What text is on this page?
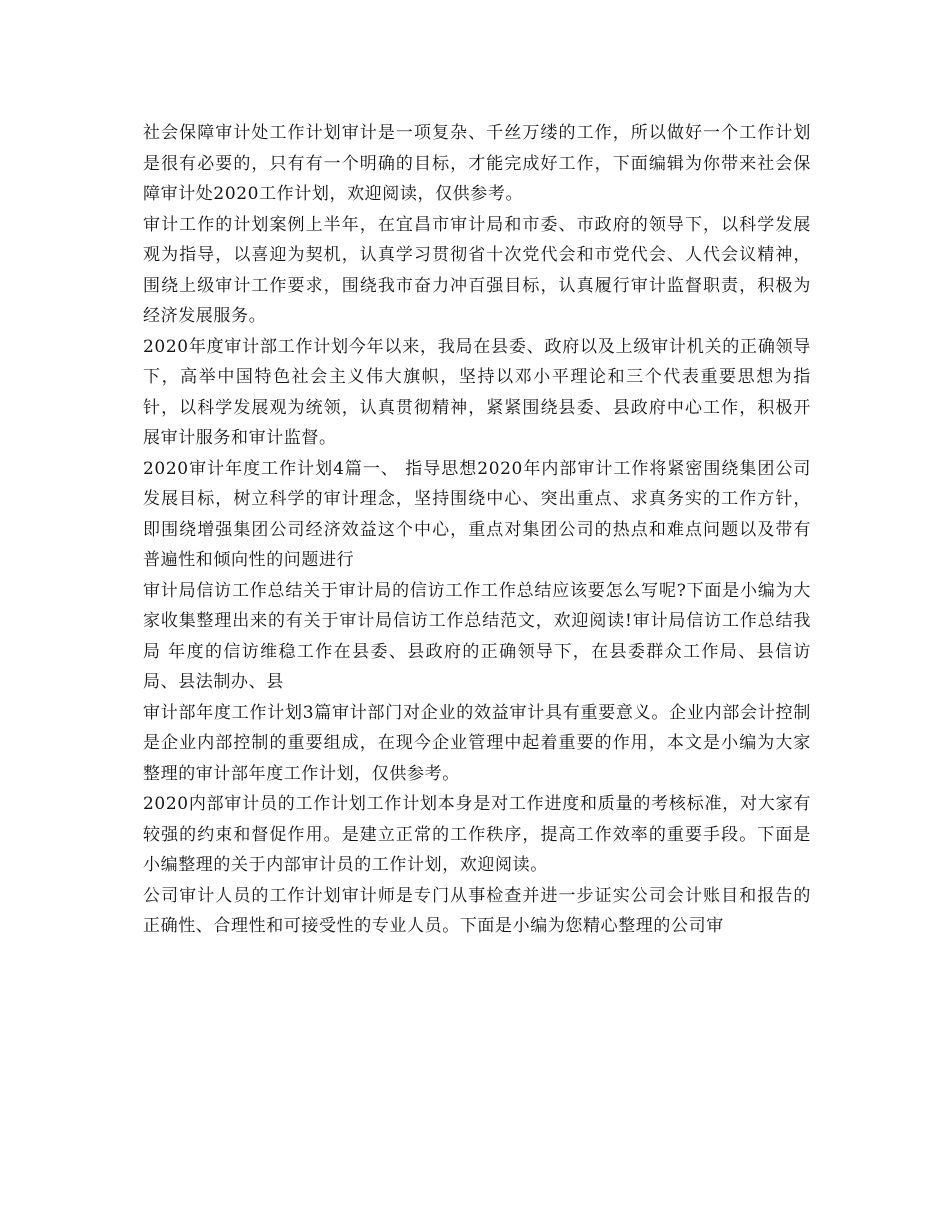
社会保障审计处工作计划审计是一项复杂、千丝万缕的工作，所以做好一个工作计划是很有必要的，只有有一个明确的目标，才能完成好工作，下面编辑为你带来社会保障审计处2020工作计划，欢迎阅读，仅供参考。

审计工作的计划案例上半年，在宜昌市审计局和市委、市政府的领导下，以科学发展观为指导，以喜迎为契机，认真学习贯彻省十次党代会和市党代会、人代会议精神，围绕上级审计工作要求，围绕我市奋力冲百强目标，认真履行审计监督职责，积极为经济发展服务。

2020年度审计部工作计划今年以来，我局在县委、政府以及上级审计机关的正确领导下，高举中国特色社会主义伟大旗帜，坚持以邓小平理论和三个代表重要思想为指针，以科学发展观为统领，认真贯彻精神，紧紧围绕县委、县政府中心工作，积极开展审计服务和审计监督。

2020审计年度工作计划4篇一、 指导思想2020年内部审计工作将紧密围绕集团公司发展目标，树立科学的审计理念，坚持围绕中心、突出重点、求真务实的工作方针，即围绕增强集团公司经济效益这个中心，重点对集团公司的热点和难点问题以及带有普遍性和倾向性的问题进行

审计局信访工作总结关于审计局的信访工作工作总结应该要怎么写呢?下面是小编为大家收集整理出来的有关于审计局信访工作总结范文，欢迎阅读!审计局信访工作总结我局 年度的信访维稳工作在县委、县政府的正确领导下，在县委群众工作局、县信访局、县法制办、县

审计部年度工作计划3篇审计部门对企业的效益审计具有重要意义。企业内部会计控制是企业内部控制的重要组成，在现今企业管理中起着重要的作用，本文是小编为大家整理的审计部年度工作计划，仅供参考。

2020内部审计员的工作计划工作计划本身是对工作进度和质量的考核标准，对大家有较强的约束和督促作用。是建立正常的工作秩序，提高工作效率的重要手段。下面是小编整理的关于内部审计员的工作计划，欢迎阅读。

公司审计人员的工作计划审计师是专门从事检查并进一步证实公司会计账目和报告的正确性、合理性和可接受性的专业人员。下面是小编为您精心整理的公司审
